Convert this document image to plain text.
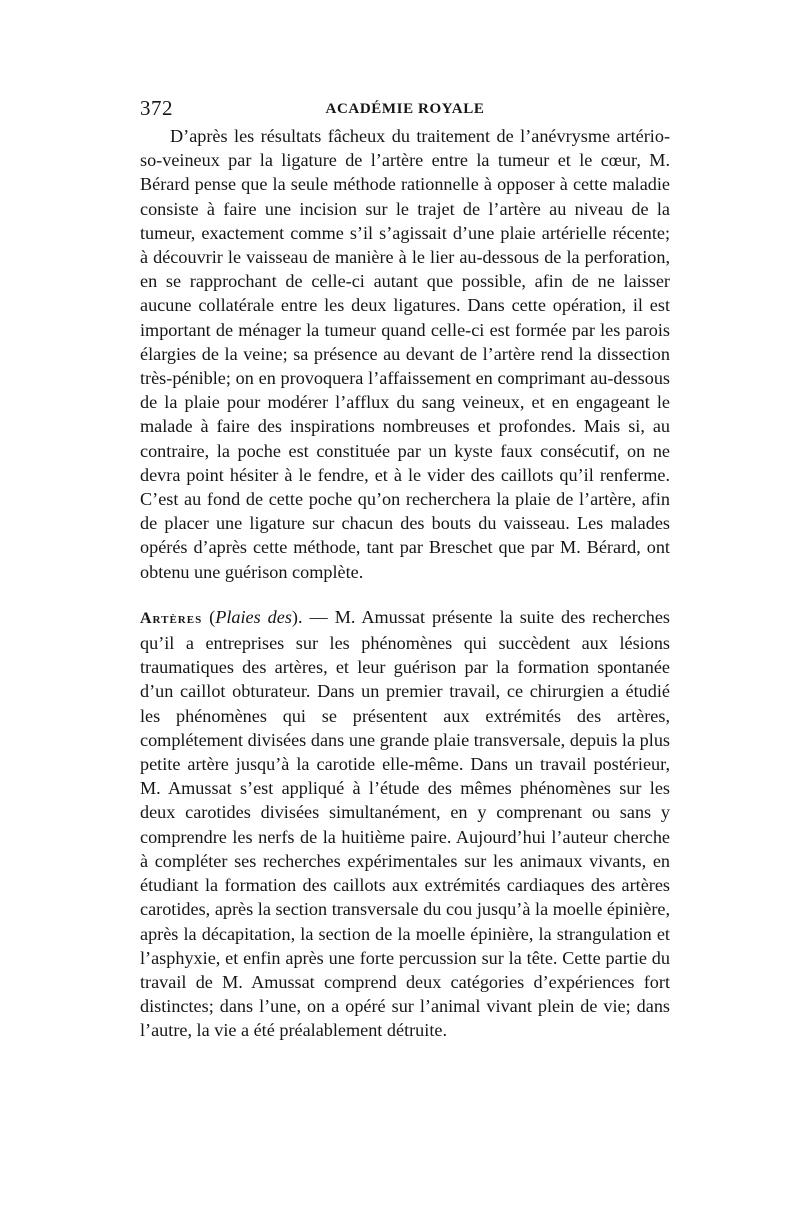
372	ACADÉMIE ROYALE

D’après les résultats fâcheux du traitement de l’anévrysme artério-so-veineux par la ligature de l’artère entre la tumeur et le cœur, M. Bérard pense que la seule méthode rationnelle à opposer à cette maladie consiste à faire une incision sur le trajet de l’artère au niveau de la tumeur, exactement comme s’il s’agissait d’une plaie artérielle récente; à découvrir le vaisseau de manière à le lier au-dessous de la perforation, en se rapprochant de celle-ci autant que possible, afin de ne laisser aucune collatérale entre les deux ligatures. Dans cette opération, il est important de ménager la tumeur quand celle-ci est formée par les parois élargies de la veine; sa présence au devant de l’artère rend la dissection très-pénible; on en provoquera l’affaissement en comprimant au-dessous de la plaie pour modérer l’afflux du sang veineux, et en engageant le malade à faire des inspirations nombreuses et profondes. Mais si, au contraire, la poche est constituée par un kyste faux consécutif, on ne devra point hésiter à le fendre, et à le vider des caillots qu’il renferme. C’est au fond de cette poche qu’on recherchera la plaie de l’artère, afin de placer une ligature sur chacun des bouts du vaisseau. Les malades opérés d’après cette méthode, tant par Breschet que par M. Bérard, ont obtenu une guérison complète.

Artères (Plaies des). — M. Amussat présente la suite des recherches qu’il a entreprises sur les phénomènes qui succèdent aux lésions traumatiques des artères, et leur guérison par la formation spontanée d’un caillot obturateur. Dans un premier travail, ce chirurgien a étudié les phénomènes qui se présentent aux extrémités des artères, complétement divisées dans une grande plaie transversale, depuis la plus petite artère jusqu’à la carotide elle-même. Dans un travail postérieur, M. Amussat s’est appliqué à l’étude des mêmes phénomènes sur les deux carotides divisées simultanément, en y comprenant ou sans y comprendre les nerfs de la huitième paire. Aujourd’hui l’auteur cherche à compléter ses recherches expérimentales sur les animaux vivants, en étudiant la formation des caillots aux extrémités cardiaques des artères carotides, après la section transversale du cou jusqu’à la moelle épinière, après la décapitation, la section de la moelle épinière, la strangulation et l’asphyxie, et enfin après une forte percussion sur la tête. Cette partie du travail de M. Amussat comprend deux catégories d’expériences fort distinctes; dans l’une, on a opéré sur l’animal vivant plein de vie; dans l’autre, la vie a été préalablement détruite.
